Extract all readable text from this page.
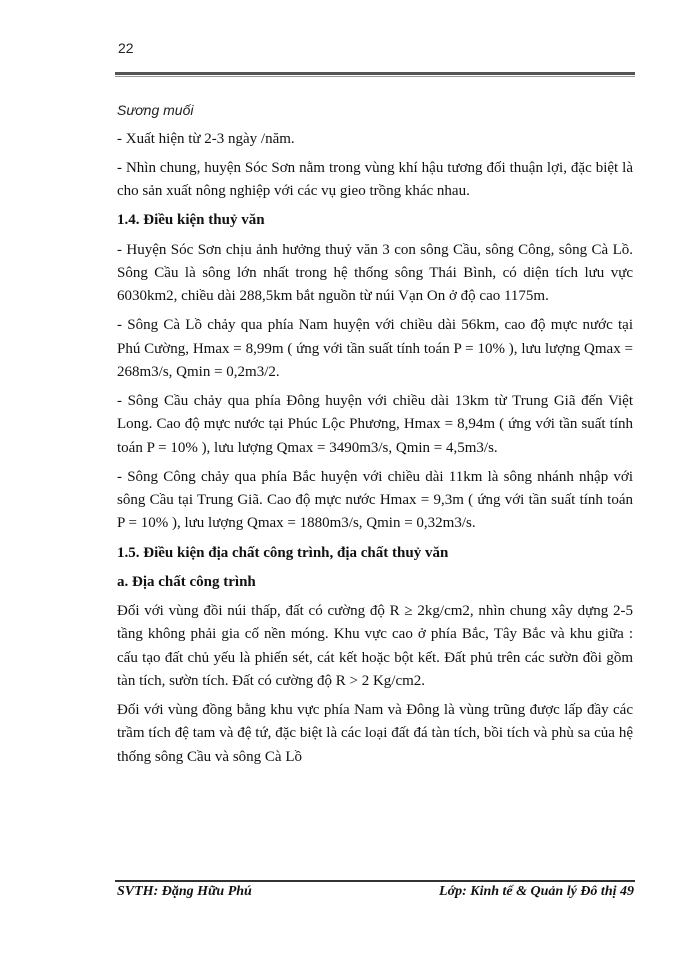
22

Sương muối

- Xuất hiện từ 2-3 ngày /năm.

- Nhìn chung, huyện Sóc Sơn nằm trong vùng khí hậu tương đối thuận lợi, đặc biệt là cho sản xuất nông nghiệp với các vụ gieo trồng khác nhau.

1.4. Điều kiện thuỷ văn

- Huyện Sóc Sơn chịu ảnh hưởng thuỷ văn 3 con sông Cầu, sông Công, sông Cà Lồ. Sông Cầu là sông lớn nhất trong hệ thống sông Thái Bình, có diện tích lưu vực 6030km2, chiều dài 288,5km bắt nguồn từ núi Vạn On ở độ cao 1175m.

- Sông Cà Lồ chảy qua phía Nam huyện với chiều dài 56km, cao độ mực nước tại Phú Cường, Hmax = 8,99m ( ứng với tần suất tính toán P = 10% ), lưu lượng Qmax = 268m3/s, Qmin = 0,2m3/2.

- Sông Cầu chảy qua phía Đông huyện với chiều dài 13km từ Trung Giã đến Việt Long. Cao độ mực nước tại Phúc Lộc Phương, Hmax = 8,94m ( ứng với tần suất tính toán P = 10% ), lưu lượng Qmax = 3490m3/s, Qmin = 4,5m3/s.

- Sông Công chảy qua phía Bắc huyện với chiều dài 11km là sông nhánh nhập với sông Cầu tại Trung Giã. Cao độ mực nước Hmax = 9,3m ( ứng với tần suất tính toán P = 10% ), lưu lượng Qmax = 1880m3/s, Qmin = 0,32m3/s.

1.5. Điều kiện địa chất công trình, địa chất thuỷ văn

a. Địa chất công trình

Đối với vùng đồi núi thấp, đất có cường độ R ≥ 2kg/cm2, nhìn chung xây dựng 2-5 tầng không phải gia cố nền móng. Khu vực cao ở phía Bắc, Tây Bắc và khu giữa : cấu tạo đất chủ yếu là phiến sét, cát kết hoặc bột kết. Đất phủ trên các sườn đồi gồm tàn tích, sườn tích. Đất có cường độ R > 2 Kg/cm2.

Đối với vùng đồng bằng khu vực phía Nam và Đông là vùng trũng được lấp đầy các trầm tích đệ tam và đệ tứ, đặc biệt là các loại đất đá tàn tích, bồi tích và phù sa của hệ thống sông Cầu và sông Cà Lồ

SVTH: Đặng Hữu Phú	Lớp: Kinh tế & Quản lý Đô thị 49
